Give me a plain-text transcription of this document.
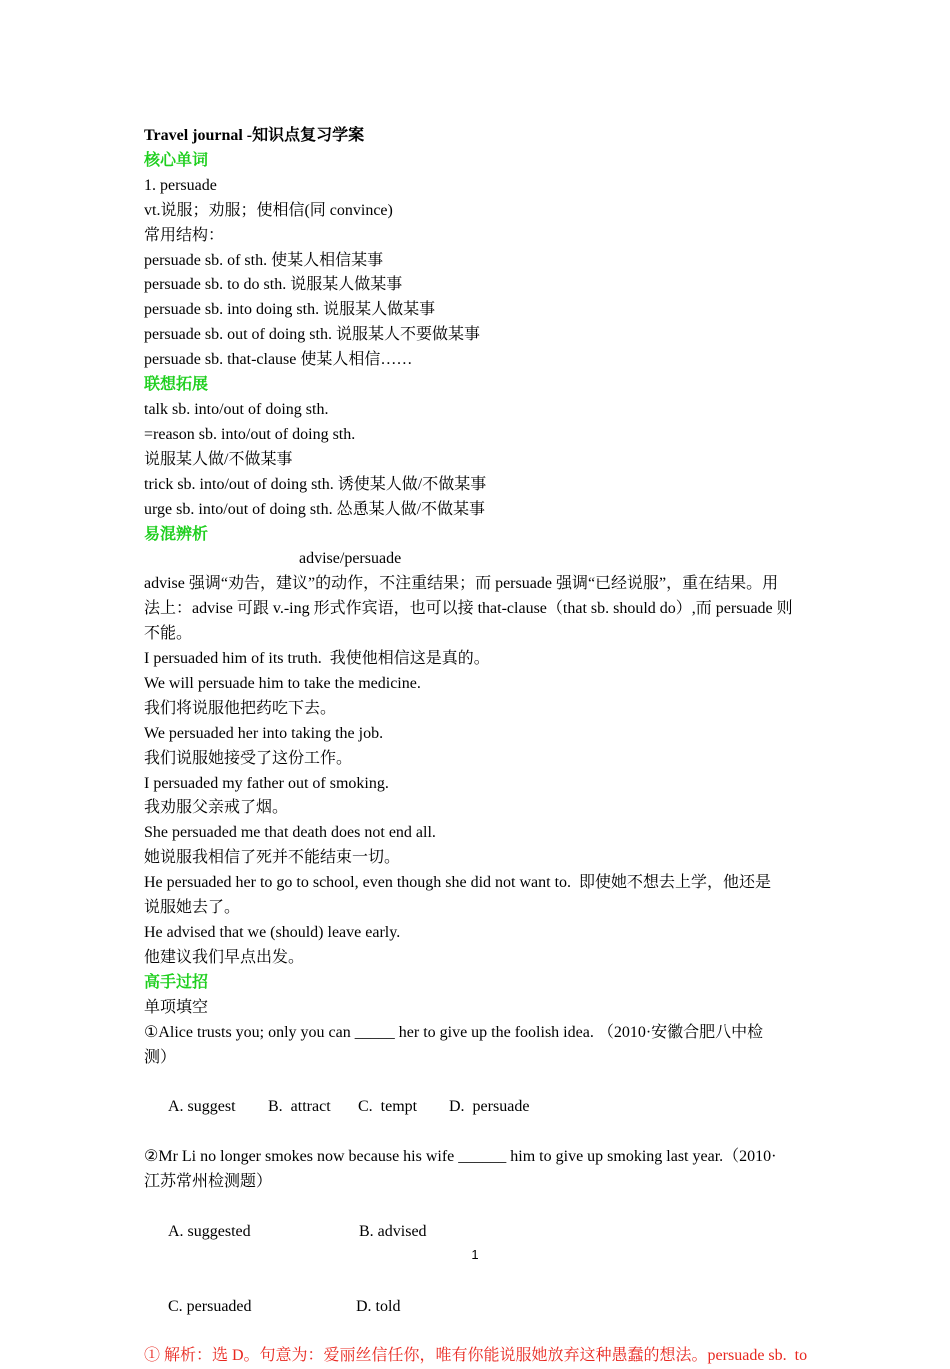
Travel journal -知识点复习学案
核心单词
1. persuade
vt.说服；劝服；使相信(同 convince)
常用结构：
persuade sb. of sth. 使某人相信某事
persuade sb. to do sth. 说服某人做某事
persuade sb. into doing sth. 说服某人做某事
persuade sb. out of doing sth. 说服某人不要做某事
persuade sb. that-clause 使某人相信……
联想拓展
talk sb. into/out of doing sth.
=reason sb. into/out of doing sth.
说服某人做/不做某事
trick sb. into/out of doing sth. 诱使某人做/不做某事
urge sb. into/out of doing sth. 怂恿某人做/不做某事
易混辨析
advise/persuade
advise 强调“劝告，建议”的动作，不注重结果；而 persuade 强调“已经说服”，重在结果。用
法上：advise 可跟 v.-ing 形式作宾语，也可以接 that-clause（that sb. should do）,而 persuade 则
不能。
I persuaded him of its truth.  我使他相信这是真的。
We will persuade him to take the medicine.
我们将说服他把药吃下去。
We persuaded her into taking the job.
我们说服她接受了这份工作。
I persuaded my father out of smoking.
我劝服父亲戒了烟。
She persuaded me that death does not end all.
她说服我相信了死并不能结束一切。
He persuaded her to go to school, even though she did not want to.  即使她不想去上学，他还是
说服她去了。
He advised that we (should) leave early.
他建议我们早点出发。
高手过招
单项填空
①Alice trusts you; only you can _____ her to give up the foolish idea. （2010·安徽合肥八中检
测）

A. suggest B.  attract C.  tempt D.  persuade

②Mr Li no longer smokes now because his wife ______ him to give up smoking last year.（2010·
江苏常州检测题）

A. suggested	B. advised

C. persuaded	D. told

① 解析：选 D。句意为：爱丽丝信任你，唯有你能说服她放弃这种愚蠢的想法。persuade sb.  to
1
